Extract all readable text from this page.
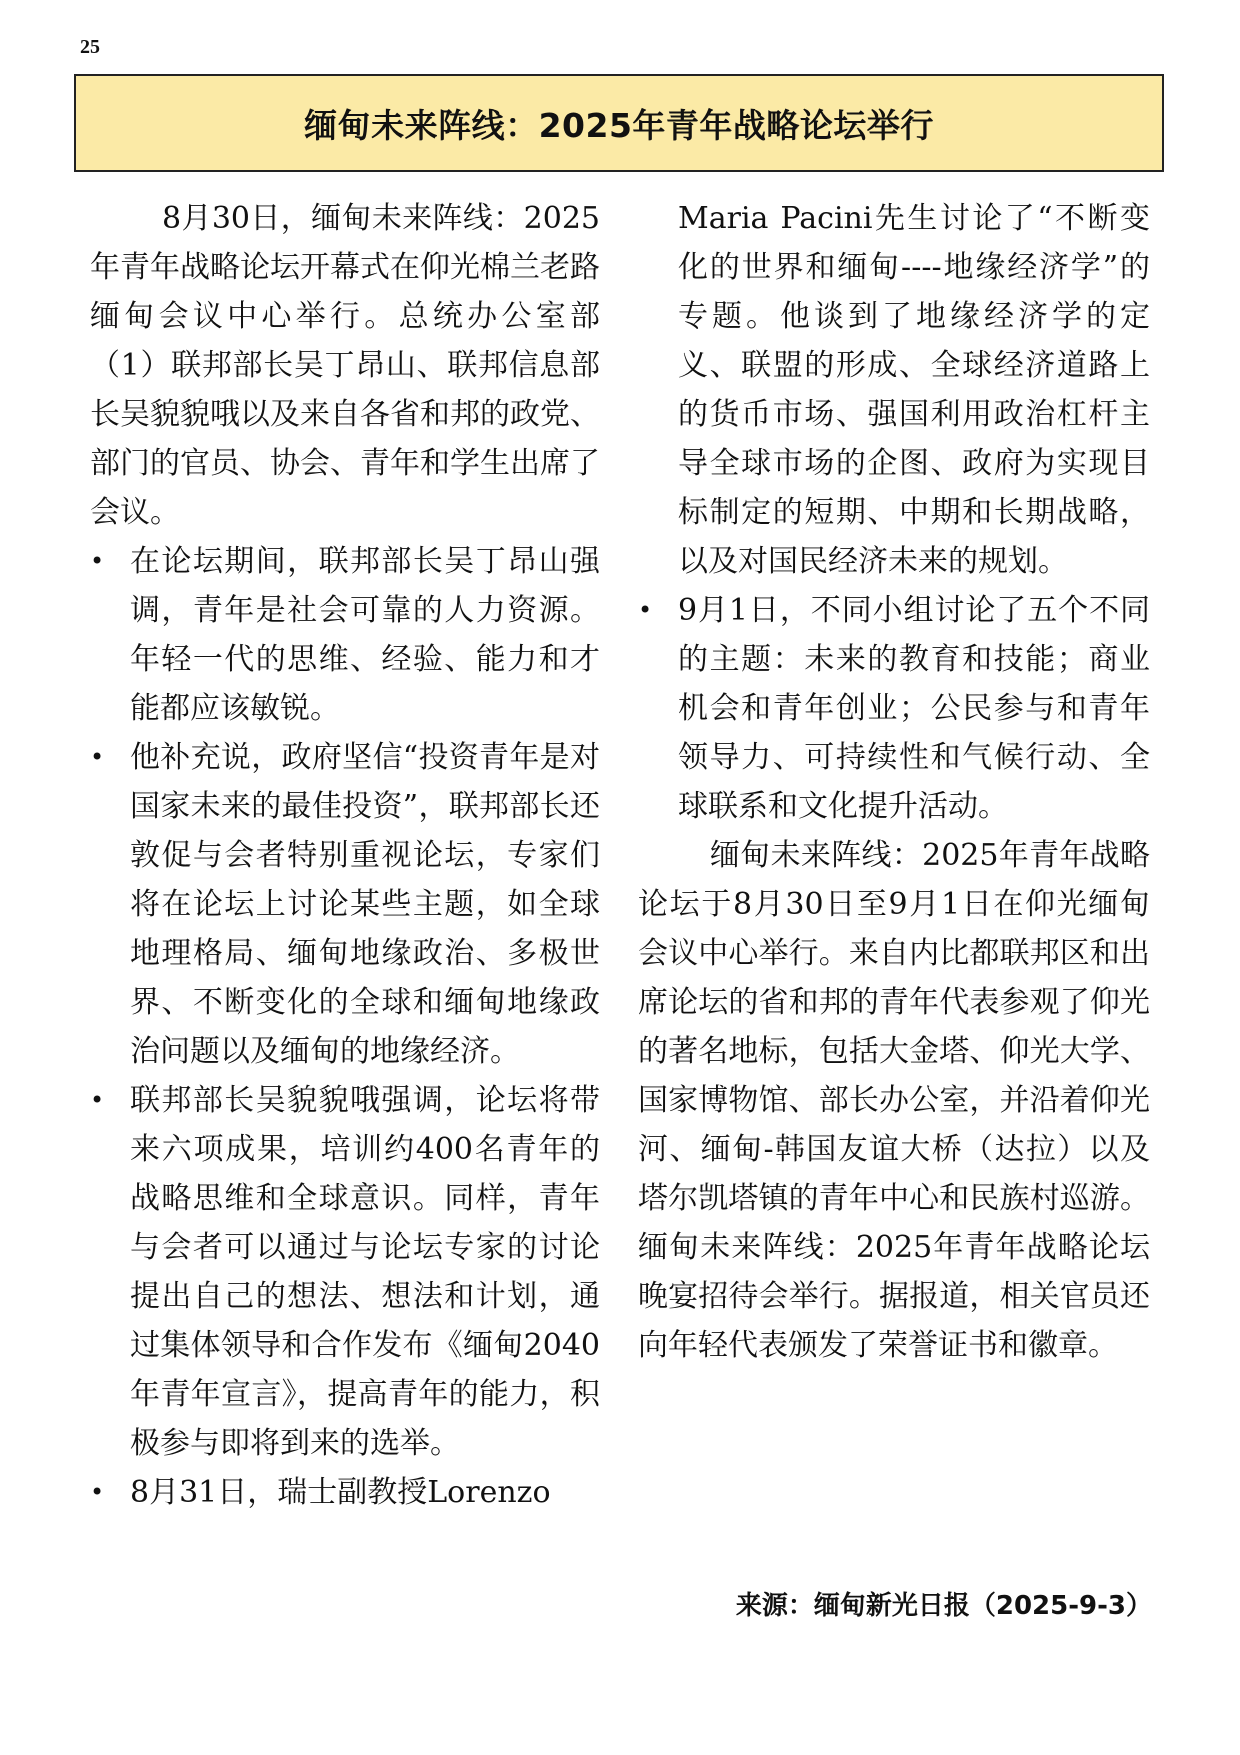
25
缅甸未来阵线：2025年青年战略论坛举行

8月30日，缅甸未来阵线：2025年青年战略论坛开幕式在仰光棉兰老路缅甸会议中心举行。总统办公室部（1）联邦部长吴丁昂山、联邦信息部长吴貌貌哦以及来自各省和邦的政党、部门的官员、协会、青年和学生出席了会议。

• 在论坛期间，联邦部长吴丁昂山强调，青年是社会可靠的人力资源。年轻一代的思维、经验、能力和才能都应该敏锐。
• 他补充说，政府坚信“投资青年是对国家未来的最佳投资”，联邦部长还敦促与会者特别重视论坛，专家们将在论坛上讨论某些主题，如全球地理格局、缅甸地缘政治、多极世界、不断变化的全球和缅甸地缘政治问题以及缅甸的地缘经济。
• 联邦部长吴貌貌哦强调，论坛将带来六项成果，培训约400名青年的战略思维和全球意识。同样，青年与会者可以通过与论坛专家的讨论提出自己的想法、想法和计划，通过集体领导和合作发布《缅甸2040年青年宣言》，提高青年的能力，积极参与即将到来的选举。
• 8月31日，瑞士副教授Lorenzo

Maria Pacini先生讨论了“不断变化的世界和缅甸----地缘经济学”的专题。他谈到了地缘经济学的定义、联盟的形成、全球经济道路上的货币市场、强国利用政治杠杆主导全球市场的企图、政府为实现目标制定的短期、中期和长期战略，以及对国民经济未来的规划。

• 9月1日，不同小组讨论了五个不同的主题：未来的教育和技能；商业机会和青年创业；公民参与和青年领导力、可持续性和气候行动、全球联系和文化提升活动。

缅甸未来阵线：2025年青年战略论坛于8月30日至9月1日在仰光缅甸会议中心举行。来自内比都联邦区和出席论坛的省和邦的青年代表参观了仰光的著名地标，包括大金塔、仰光大学、国家博物馆、部长办公室，并沿着仰光河、缅甸-韩国友谊大桥（达拉）以及塔尔凯塔镇的青年中心和民族村巡游。缅甸未来阵线：2025年青年战略论坛晚宴招待会举行。据报道，相关官员还向年轻代表颁发了荣誉证书和徽章。

来源：缅甸新光日报（2025-9-3）
